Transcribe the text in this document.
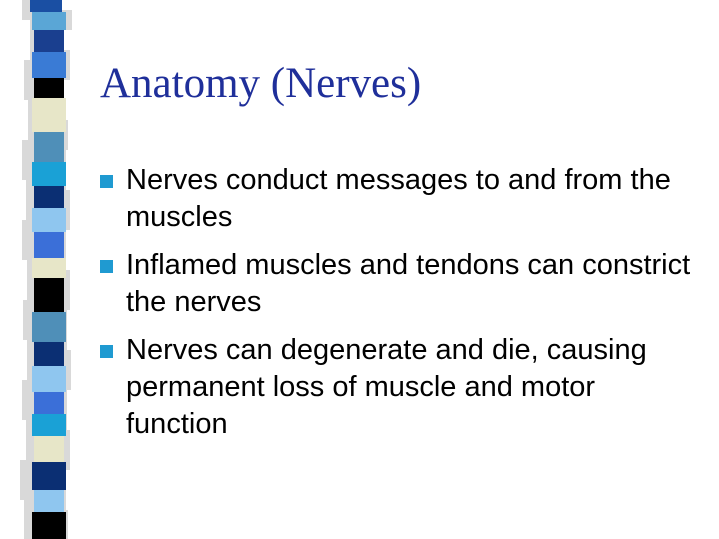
Anatomy (Nerves)
Nerves conduct messages to and from the muscles
Inflamed muscles and tendons can constrict the nerves
Nerves can degenerate and die, causing permanent loss of muscle and motor function
